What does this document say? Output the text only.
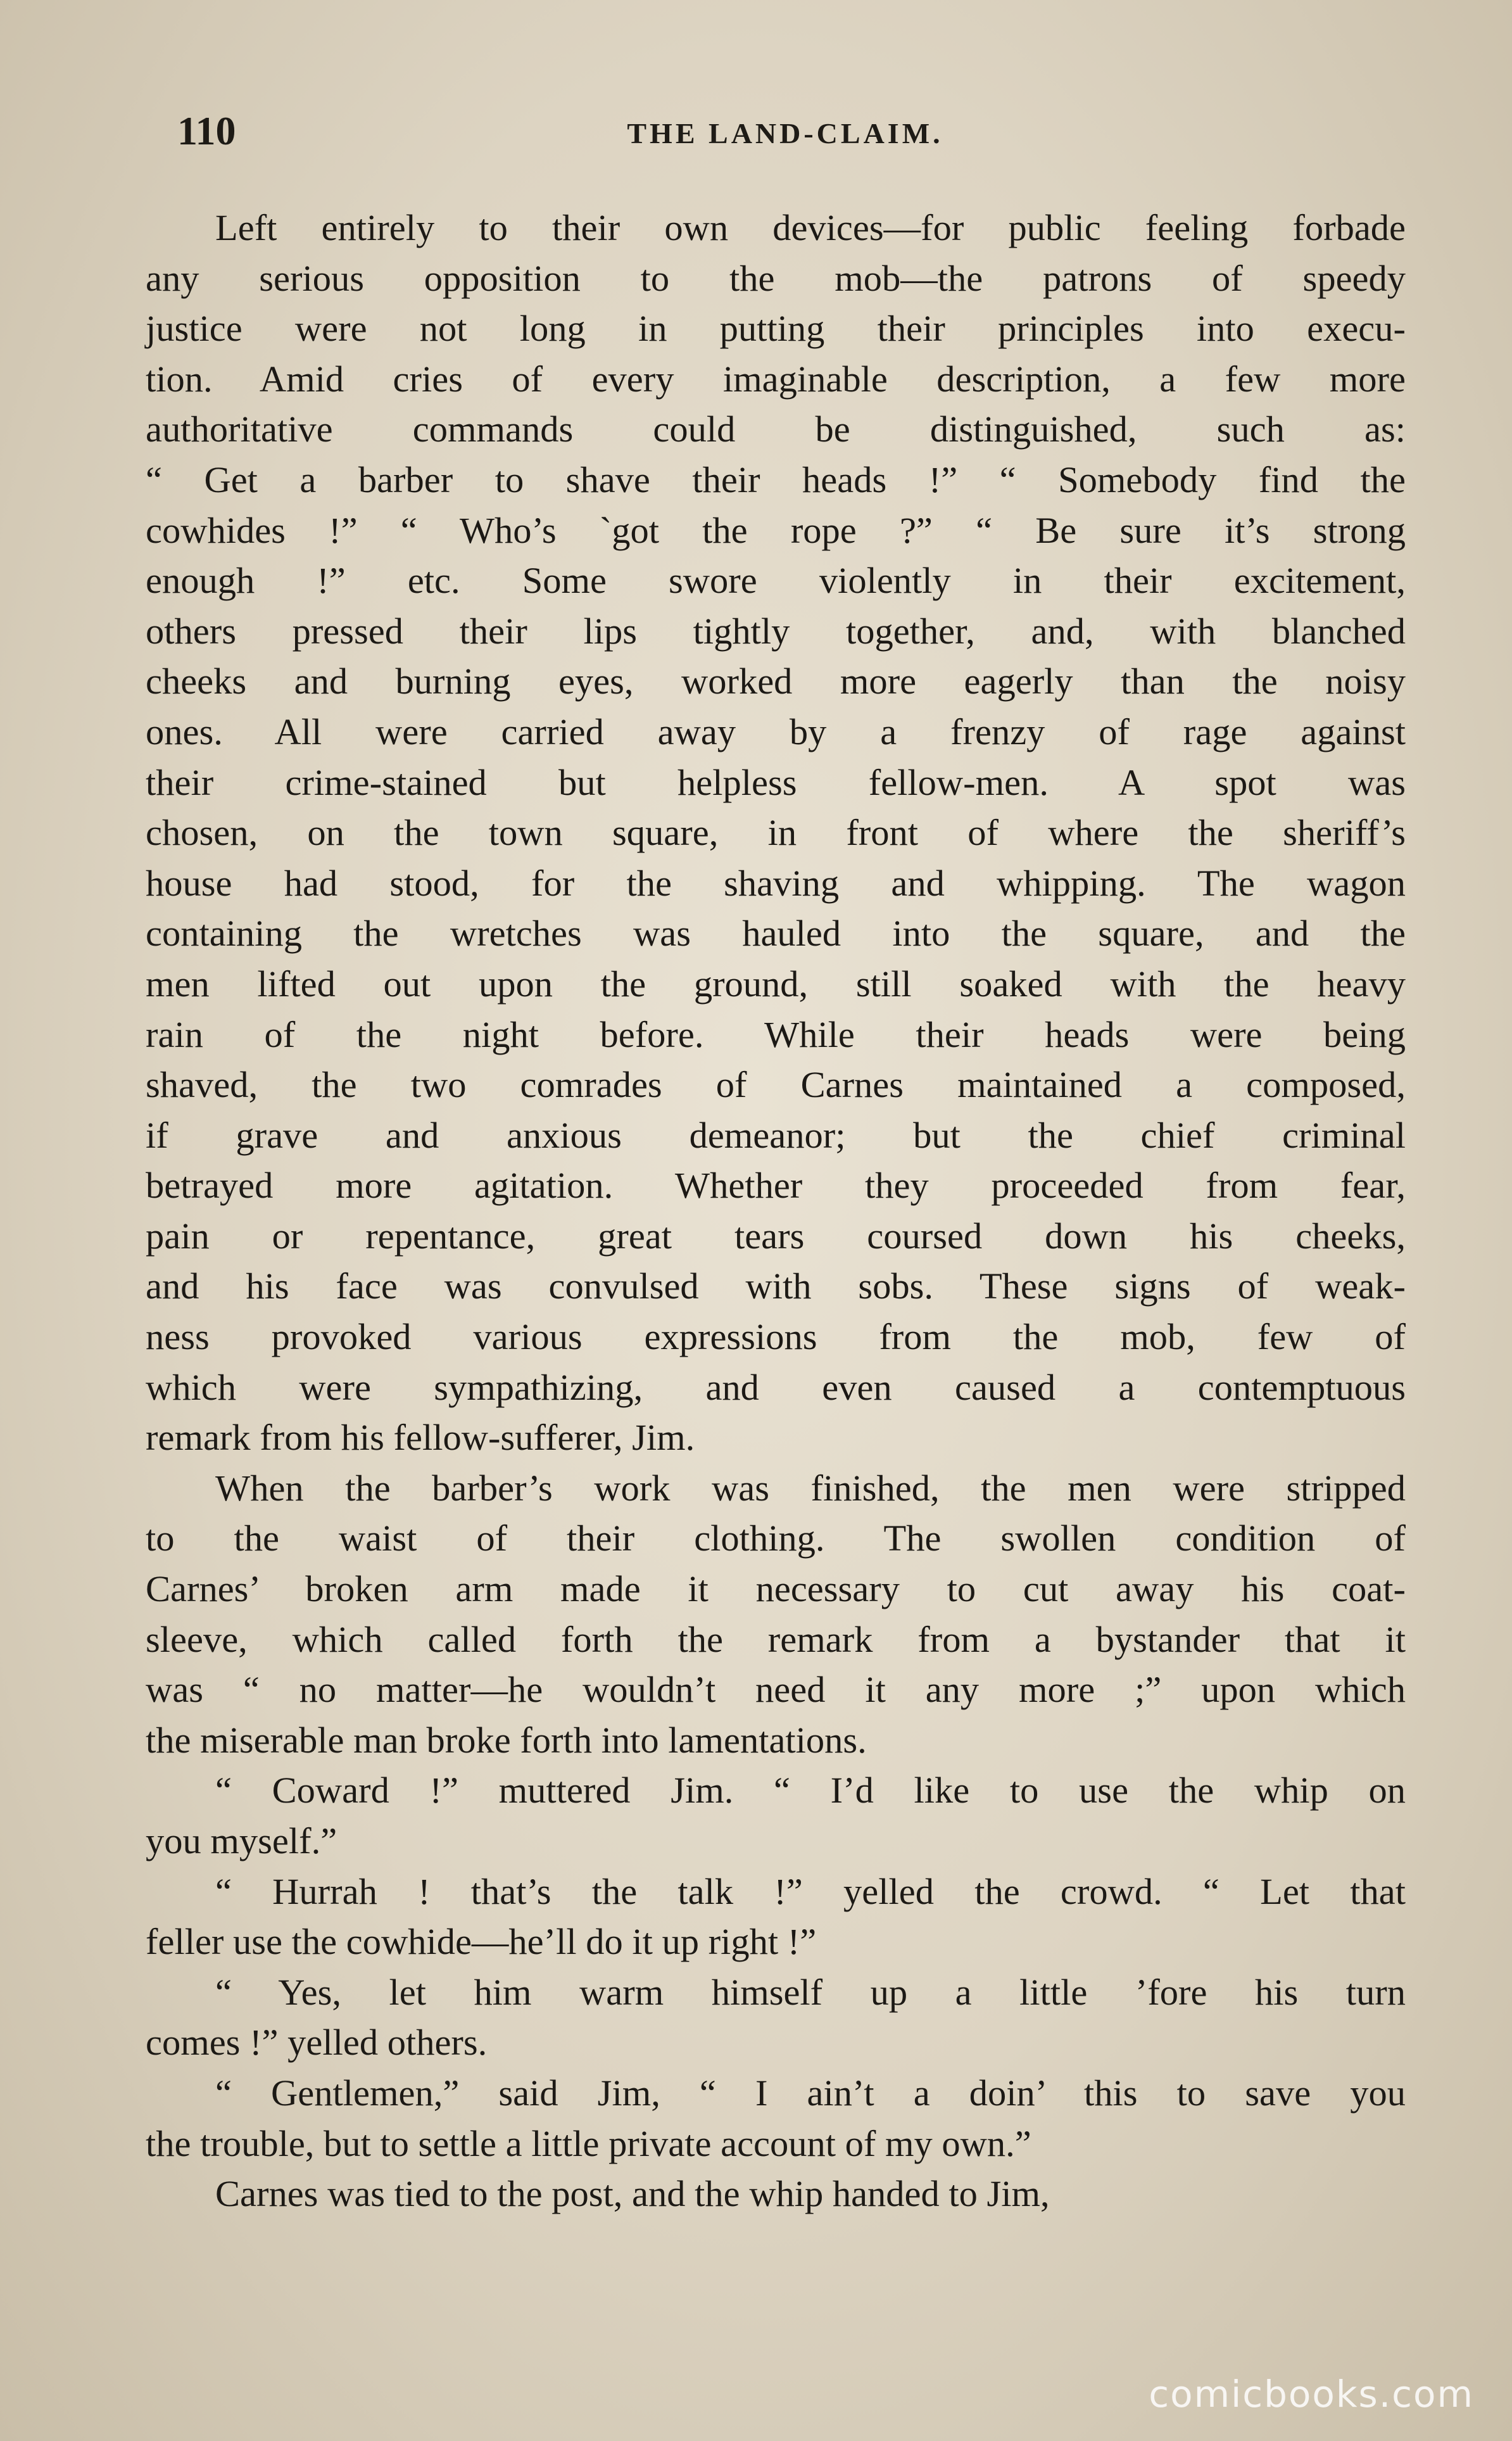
110	THE LAND-CLAIM.
Left entirely to their own devices—for public feeling forbade
any serious opposition to the mob—the patrons of speedy
justice were not long in putting their principles into execu-
tion. Amid cries of every imaginable description, a few more
authoritative commands could be distinguished, such as:
“ Get a barber to shave their heads !” “ Somebody find the
cowhides !” “ Who’s `got the rope ?” “ Be sure it’s strong
enough !” etc. Some swore violently in their excitement,
others pressed their lips tightly together, and, with blanched
cheeks and burning eyes, worked more eagerly than the noisy
ones. All were carried away by a frenzy of rage against
their crime-stained but helpless fellow-men. A spot was
chosen, on the town square, in front of where the sheriff’s
house had stood, for the shaving and whipping. The wagon
containing the wretches was hauled into the square, and the
men lifted out upon the ground, still soaked with the heavy
rain of the night before. While their heads were being
shaved, the two comrades of Carnes maintained a composed,
if grave and anxious demeanor; but the chief criminal
betrayed more agitation. Whether they proceeded from fear,
pain or repentance, great tears coursed down his cheeks,
and his face was convulsed with sobs. These signs of weak-
ness provoked various expressions from the mob, few of
which were sympathizing, and even caused a contemptuous
remark from his fellow-sufferer, Jim.
When the barber’s work was finished, the men were stripped
to the waist of their clothing. The swollen condition of
Carnes’ broken arm made it necessary to cut away his coat-
sleeve, which called forth the remark from a bystander that it
was “ no matter—he wouldn’t need it any more ;” upon which
the miserable man broke forth into lamentations.
“ Coward !” muttered Jim. “ I’d like to use the whip on
you myself.”
“ Hurrah ! that’s the talk !” yelled the crowd. “ Let that
feller use the cowhide—he’ll do it up right !”
“ Yes, let him warm himself up a little ’fore his turn
comes !” yelled others.
“ Gentlemen,” said Jim, “ I ain’t a doin’ this to save you
the trouble, but to settle a little private account of my own.”
Carnes was tied to the post, and the whip handed to Jim,
comicbooks.com
